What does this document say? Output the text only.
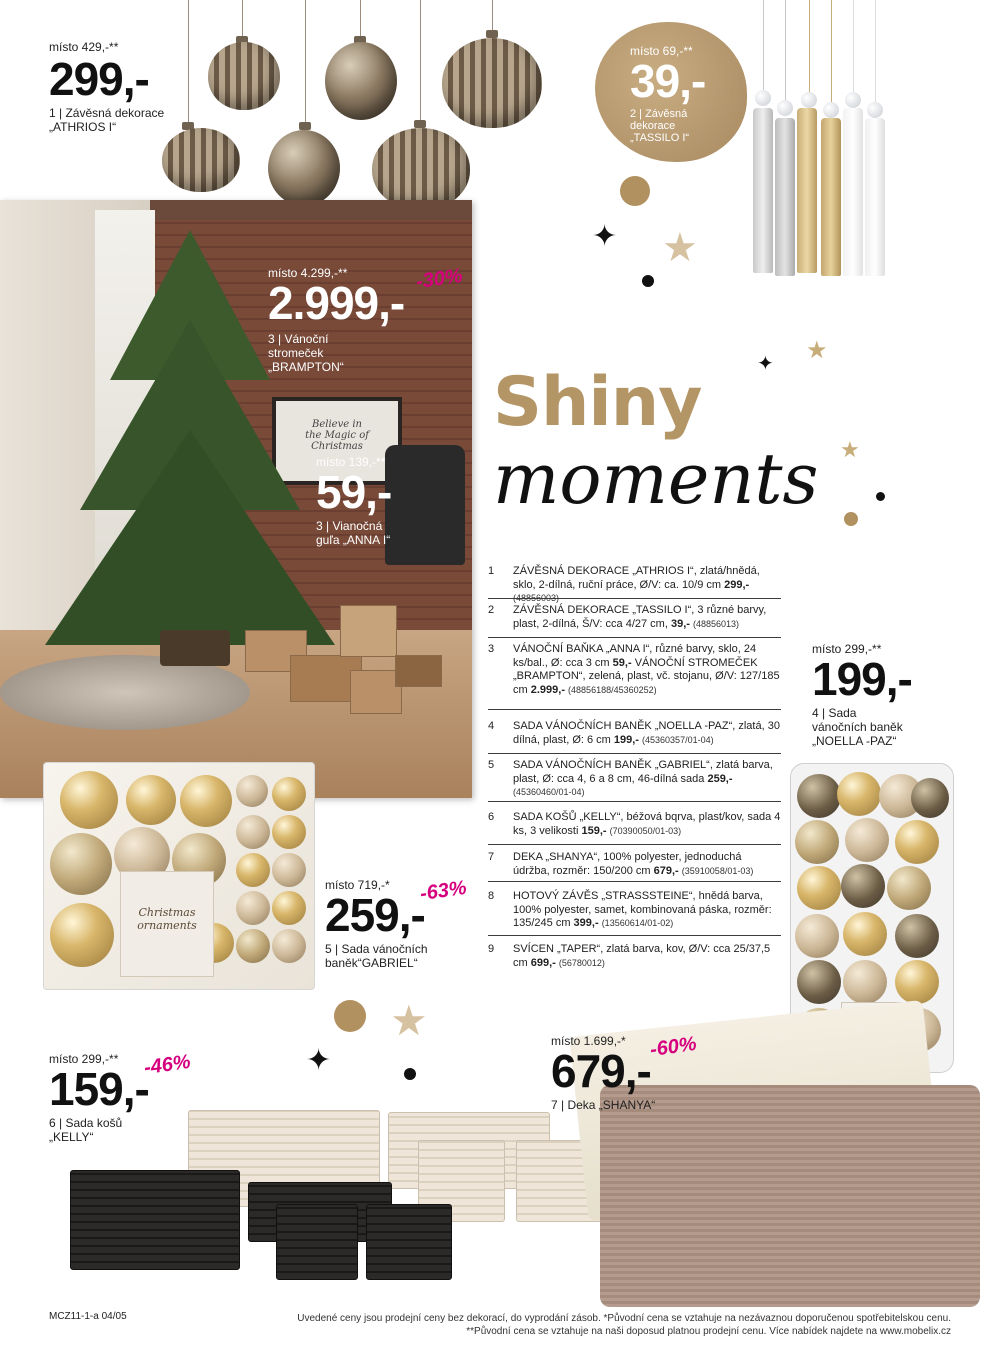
místo 429,-**
299,-
1 | Závěsná dekorace
„ATHRIOS I“
místo 69,-**
39,-
2 | Závěsná
dekorace
„TASSILO I“
✦ ★
Believe in
the Magic of
Christmas
místo 4.299,-**
2.999,-
3 | Vánoční
stromeček
„BRAMPTON“
-30%
místo 139,-**
59,-
3 | Vianočná
guľa „ANNA I“
Shiny
moments
★
✦
★
1 ZÁVĚSNÁ DEKORACE „ATHRIOS I“, zlatá/hnědá, sklo, 2-dílná, ruční práce, Ø/V: ca. 10/9 cm 299,- (48856003)
2 ZÁVĚSNÁ DEKORACE „TASSILO I“, 3 různé barvy, plast, 2-dílná, Š/V: cca 4/27 cm, 39,- (48856013)
3 VÁNOČNÍ BAŇKA „ANNA I“, různé barvy, sklo, 24 ks/bal., Ø: cca 3 cm 59,- VÁNOČNÍ STROMEČEK „BRAMPTON“, zelená, plast, vč. stojanu, Ø/V: 127/185 cm 2.999,- (48856188/45360252)
4 SADA VÁNOČNÍCH BANĚK „NOELLA -PAZ“, zlatá, 30 dílná, plast, Ø: 6 cm 199,- (45360357/01-04)
5 SADA VÁNOČNÍCH BANĚK „GABRIEL“, zlatá barva, plast, Ø: cca 4, 6 a 8 cm, 46-dílná sada 259,- (45360460/01-04)
6 SADA KOŠŮ „KELLY“, béžová bqrva, plast/kov, sada 4 ks, 3 velikosti 159,- (70390050/01-03)
7 DEKA „SHANYA“, 100% polyester, jednoduchá údržba, rozměr: 150/200 cm 679,- (35910058/01-03)
8 HOTOVÝ ZÁVĚS „STRASSSTEINE“, hnědá barva, 100% polyester, samet, kombinovaná páska, rozměr: 135/245 cm 399,- (13560614/01-02)
9 SVÍCEN „TAPER“, zlatá barva, kov, Ø/V: cca 25/37,5 cm 699,- (56780012)
místo 299,-**
199,-
4 | Sada
vánočních baněk
„NOELLA -PAZ“
Christmas
ornaments
místo 719,-*
259,-
5 | Sada vánočních
baněk“GABRIEL“
-63%
★
✦
místo 299,-**
159,-
6 | Sada košů
„KELLY“
-46%
místo 1.699,-*
679,-
7 | Deka „SHANYA“
-60%
MCZ11-1-a 04/05	Uvedené ceny jsou prodejní ceny bez dekorací, do vyprodání zásob. *Původní cena se vztahuje na nezávaznou doporučenou spotřebitelskou cenu.
**Původní cena se vztahuje na naši doposud platnou prodejní cenu. Více nabídek najdete na www.mobelix.cz
